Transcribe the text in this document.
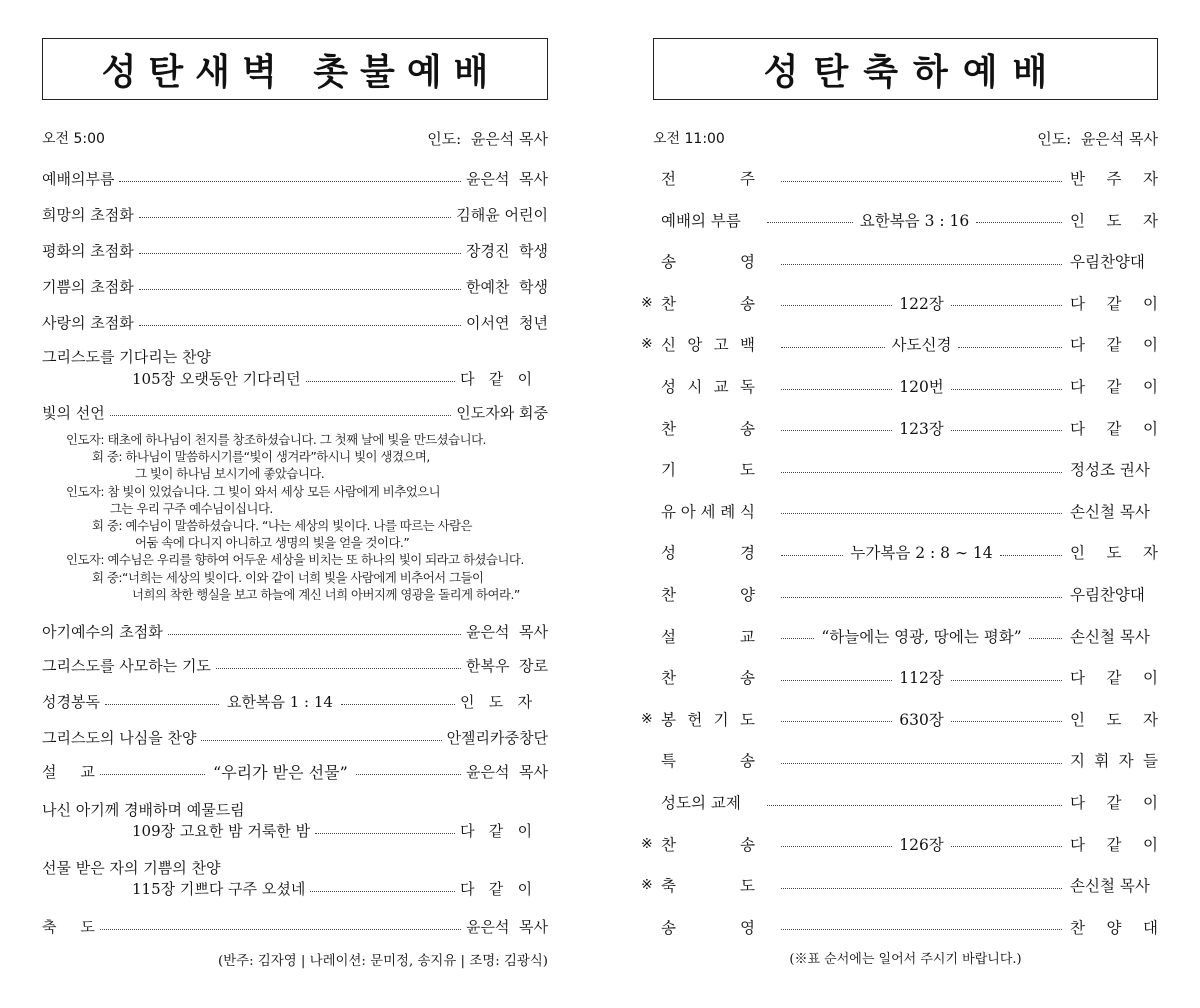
성탄새벽 촛불예배
오전 5:00	인도:  윤은석 목사
예배의부름	윤은석  목사
희망의 초점화	김해윤 어린이
평화의 초점화	장경진  학생
기쁨의 초점화	한예찬  학생
사랑의 초점화	이서연  청년
그리스도를 기다리는 찬양
105장 오랫동안 기다리던	다   같   이
빛의 선언	인도자와 회중
인도자: 태초에 하나님이 천지를 창조하셨습니다. 그 첫째 날에 빛을 만드셨습니다.
회 중: 하나님이 말씀하시기를“빛이 생겨라”하시니 빛이 생겼으며,
그 빛이 하나님 보시기에 좋았습니다.
인도자: 참 빛이 있었습니다. 그 빛이 와서 세상 모든 사람에게 비추었으니
그는 우리 구주 예수님이십니다.
회 중: 예수님이 말씀하셨습니다. “나는 세상의 빛이다. 나를 따르는 사람은
어둠 속에 다니지 아니하고 생명의 빛을 얻을 것이다.”
인도자: 예수님은 우리를 향하여 어두운 세상을 비치는 또 하나의 빛이 되라고 하셨습니다.
회 중:“너희는 세상의 빛이다. 이와 같이 너희 빛을 사람에게 비추어서 그들이
너희의 착한 행실을 보고 하늘에 계신 너희 아버지께 영광을 돌리게 하여라.”
아기예수의 초점화	윤은석  목사
그리스도를 사모하는 기도	한복우  장로
성경봉독	요한복음 1 : 14	인   도   자
그리스도의 나심을 찬양	안젤리카중창단
설     교	“우리가 받은 선물”	윤은석  목사
나신 아기께 경배하며 예물드림
109장 고요한 밤 거룩한 밤	다   같   이
선물 받은 자의 기쁨의 찬양
115장 기쁘다 구주 오셨네	다   같   이
축     도	윤은석  목사
(반주: 김자영 | 나레이션: 문미정, 송지유 | 조명: 김광식)
성탄축하예배
오전 11:00	인도:  윤은석 목사
전	주	반 주 자
예배의 부름	요한복음 3 : 16	인 도 자
송	영	우림찬양대
※ 찬	송	122장	다 같 이
※ 신 앙 고 백	사도신경	다 같 이
성 시 교 독	120번	다 같 이
찬	송	123장	다 같 이
기	도	정성조 권사
유 아 세 례 식	손신철 목사
성	경	누가복음 2 : 8 ∼ 14	인 도 자
찬	양	우림찬양대
설	교	“하늘에는 영광, 땅에는 평화”	손신철 목사
찬	송	112장	다 같 이
※ 봉 헌 기 도	630장	인 도 자
특	송	지 휘 자 들
성도의 교제	다 같 이
※ 찬	송	126장	다 같 이
※ 축	도	손신철 목사
송	영	찬 양 대
(※표 순서에는 일어서 주시기 바랍니다.)
